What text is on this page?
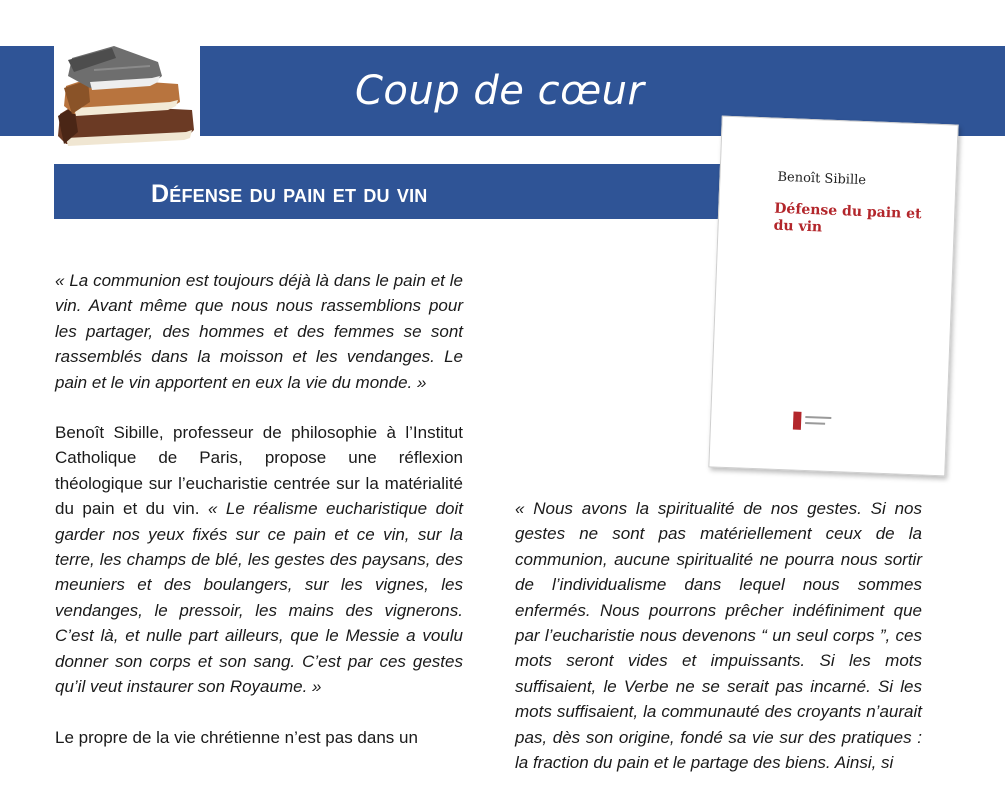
Coup de cœur
Défense du pain et du vin
Benoît Sibille
Défense du pain et du vin

« La communion est toujours déjà là dans le pain et le vin. Avant même que nous nous rassemblions pour les partager, des hommes et des femmes se sont rassemblés dans la moisson et les vendanges. Le pain et le vin apportent en eux la vie du monde. »

Benoît Sibille, professeur de philosophie à l’Institut Catholique de Paris, propose une réflexion théologique sur l’eucharistie centrée sur la matérialité du pain et du vin. « Le réalisme eucharistique doit garder nos yeux fixés sur ce pain et ce vin, sur la terre, les champs de blé, les gestes des paysans, des meuniers et des boulangers, sur les vignes, les vendanges, le pressoir, les mains des vignerons. C’est là, et nulle part ailleurs, que le Messie a voulu donner son corps et son sang. C’est par ces gestes qu’il veut instaurer son Royaume. »

Le propre de la vie chrétienne n’est pas dans un

« Nous avons la spiritualité de nos gestes. Si nos gestes ne sont pas matériellement ceux de la communion, aucune spiritualité ne pourra nous sortir de l’individualisme dans lequel nous sommes enfermés. Nous pourrons prêcher indéfiniment que par l’eucharistie nous devenons “ un seul corps ”, ces mots seront vides et impuissants. Si les mots suffisaient, le Verbe ne se serait pas incarné. Si les mots suffisaient, la communauté des croyants n’aurait pas, dès son origine, fondé sa vie sur des pratiques : la fraction du pain et le partage des biens. Ainsi, si
